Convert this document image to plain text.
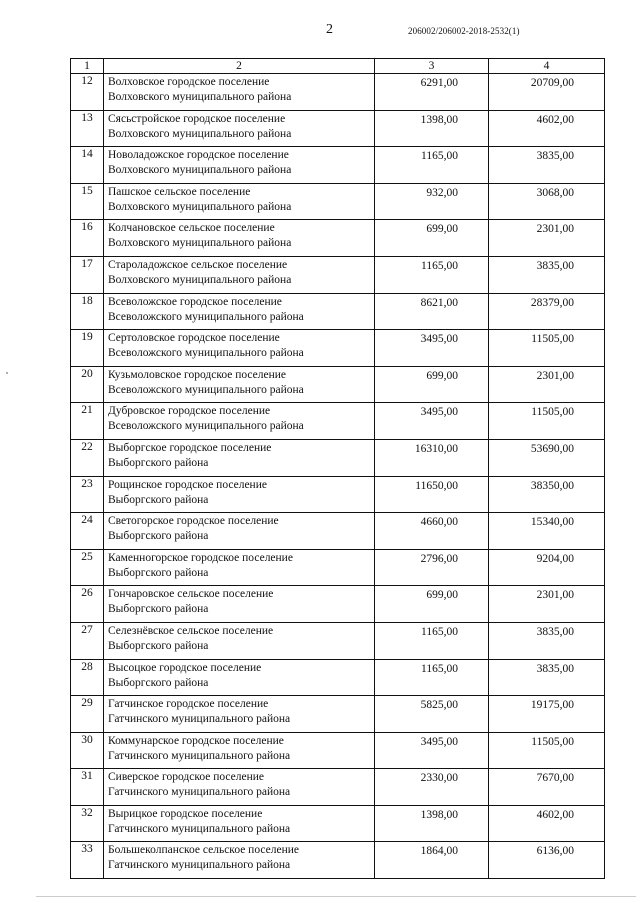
2	206002/206002-2018-2532(1)
1	2	3	4
12	Волховское городское поселение
Волховского муниципального района	6291,00	20709,00
13	Сясьстройское городское поселение
Волховского муниципального района	1398,00	4602,00
14	Новоладожское городское поселение
Волховского муниципального района	1165,00	3835,00
15	Пашское сельское поселение
Волховского муниципального района	932,00	3068,00
16	Колчановское сельское поселение
Волховского муниципального района	699,00	2301,00
17	Староладожское сельское поселение
Волховского муниципального района	1165,00	3835,00
18	Всеволожское городское поселение
Всеволожского муниципального района	8621,00	28379,00
19	Сертоловское городское поселение
Всеволожского муниципального района	3495,00	11505,00
20	Кузьмоловское городское поселение
Всеволожского муниципального района	699,00	2301,00
21	Дубровское городское поселение
Всеволожского муниципального района	3495,00	11505,00
22	Выборгское городское поселение
Выборгского района	16310,00	53690,00
23	Рощинское городское поселение
Выборгского района	11650,00	38350,00
24	Светогорское городское поселение
Выборгского района	4660,00	15340,00
25	Каменногорское городское поселение
Выборгского района	2796,00	9204,00
26	Гончаровское сельское поселение
Выборгского района	699,00	2301,00
27	Селезнёвское сельское поселение
Выборгского района	1165,00	3835,00
28	Высоцкое городское поселение
Выборгского района	1165,00	3835,00
29	Гатчинское городское поселение
Гатчинского муниципального района	5825,00	19175,00
30	Коммунарское городское поселение
Гатчинского муниципального района	3495,00	11505,00
31	Сиверское городское поселение
Гатчинского муниципального района	2330,00	7670,00
32	Вырицкое городское поселение
Гатчинского муниципального района	1398,00	4602,00
33	Большеколпанское сельское поселение
Гатчинского муниципального района	1864,00	6136,00
